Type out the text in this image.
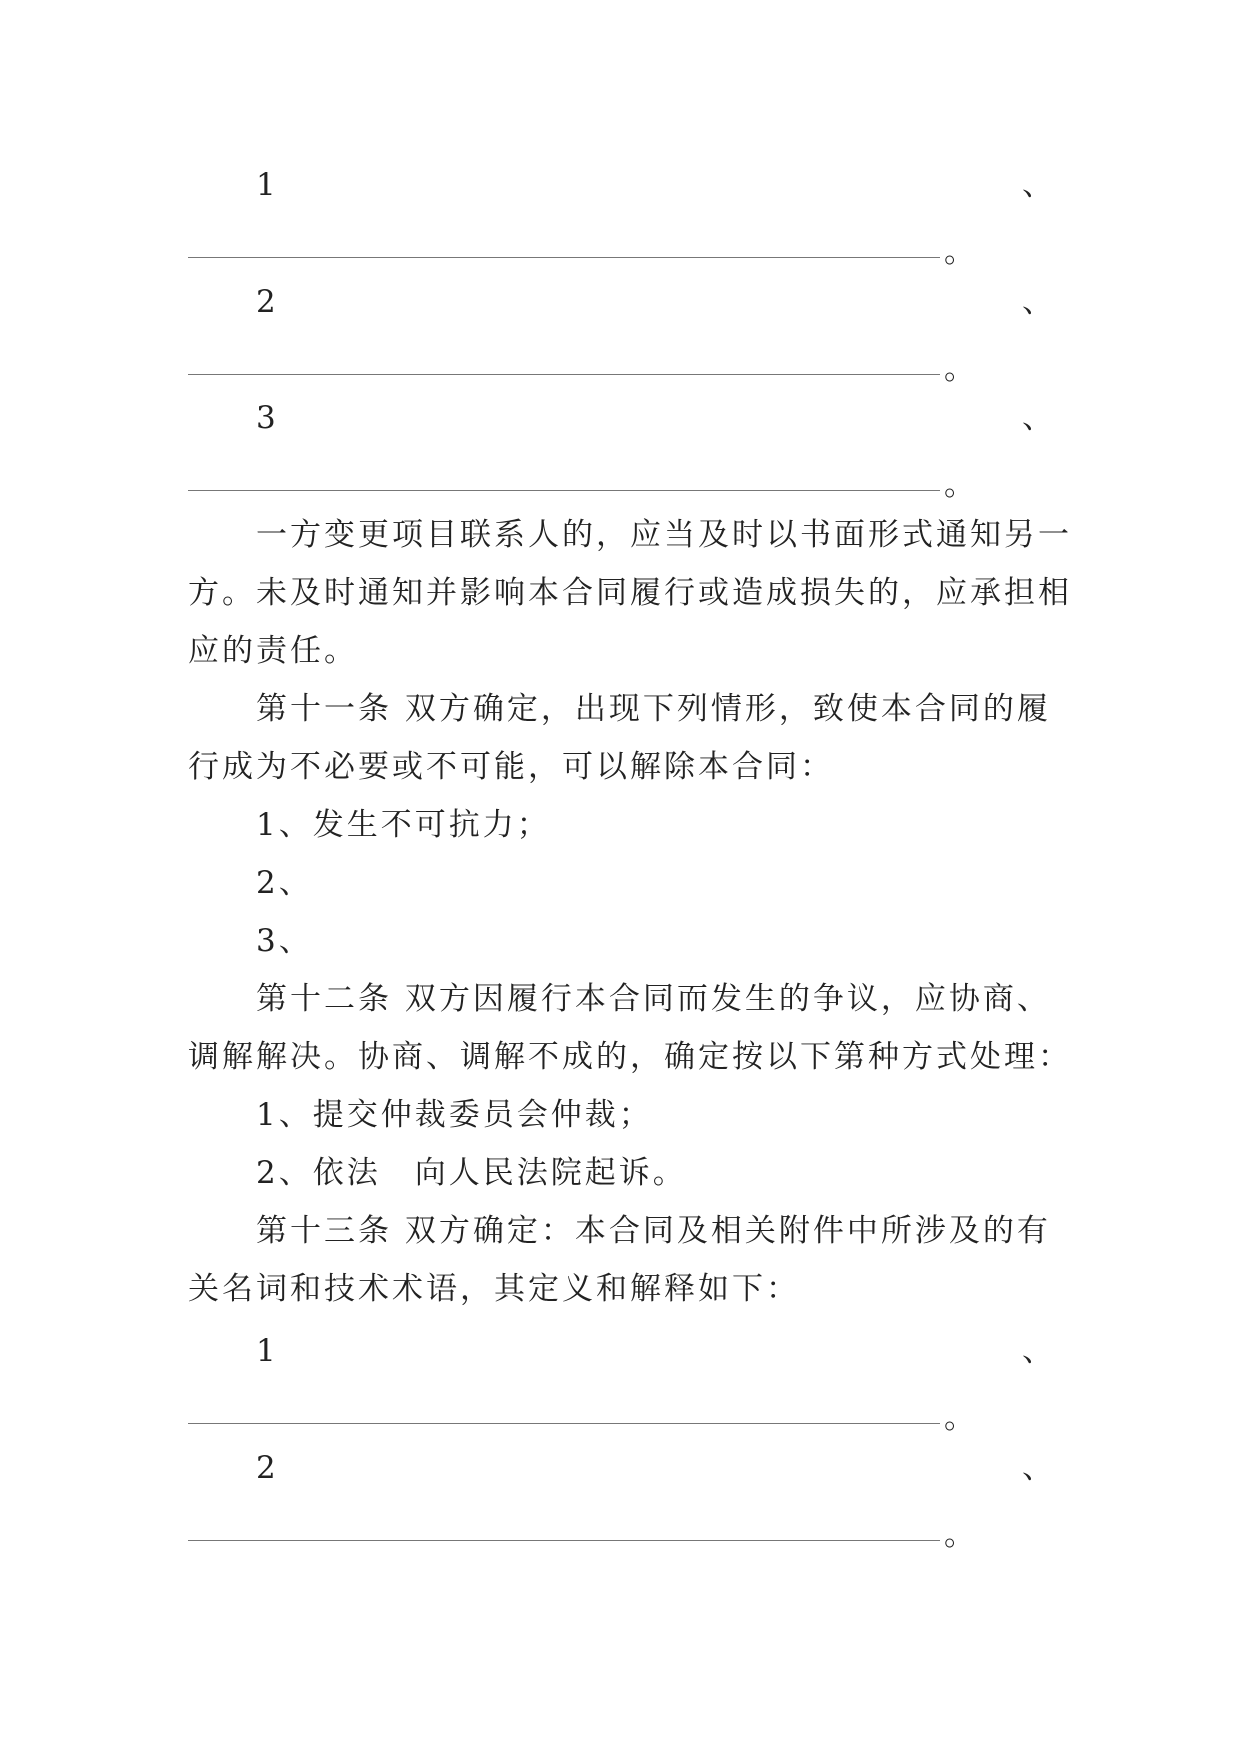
1	、
。
2	、
。
3	、
。
一方变更项目联系人的，应当及时以书面形式通知另一
方。未及时通知并影响本合同履行或造成损失的，应承担相
应的责任。
第十一条 双方确定，出现下列情形，致使本合同的履
行成为不必要或不可能，可以解除本合同：
1、发生不可抗力；
2、
3、
第十二条 双方因履行本合同而发生的争议，应协商、
调解解决。协商、调解不成的，确定按以下第种方式处理：
1、提交仲裁委员会仲裁；
2、依法　向人民法院起诉。
第十三条 双方确定：本合同及相关附件中所涉及的有
关名词和技术术语，其定义和解释如下：
1	、
。
2	、
。
